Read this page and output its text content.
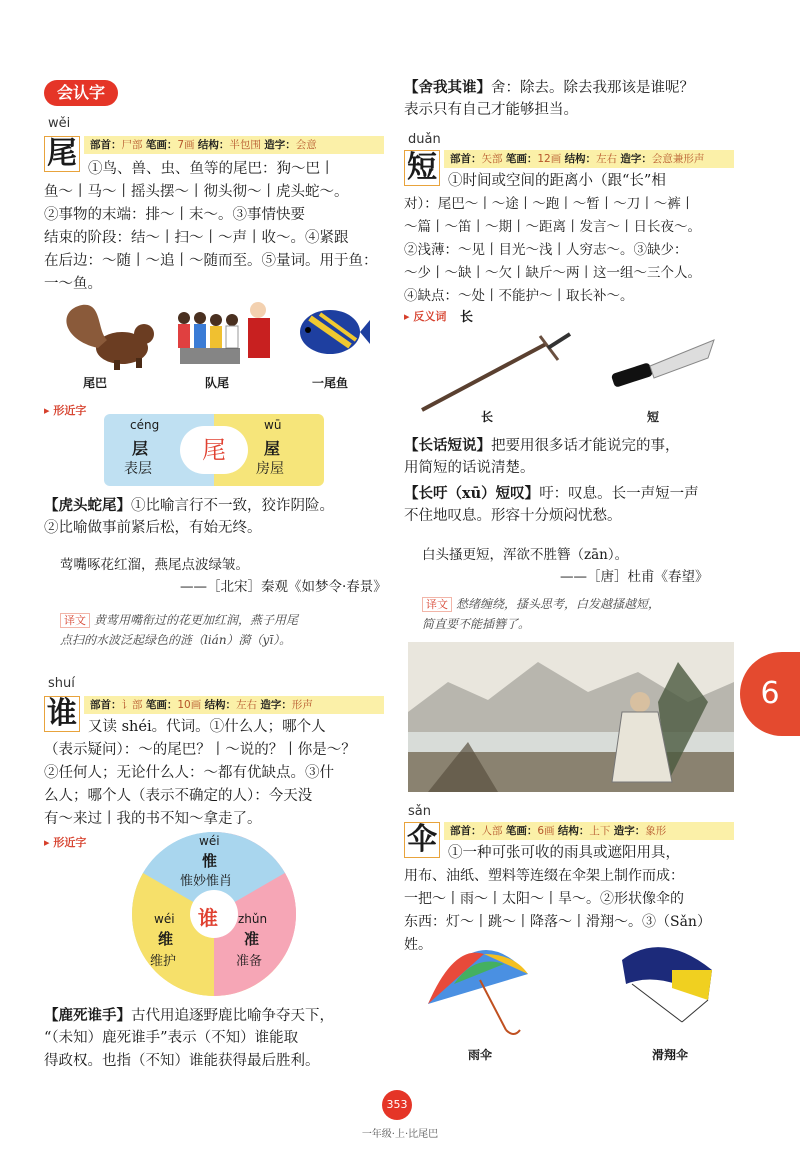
会认字
wěi
尾	部首：尸部 笔画：7画 结构：半包围 造字：会意
①鸟、兽、虫、鱼等的尾巴：狗～巴丨
鱼～丨马～丨摇头摆～丨彻头彻～丨虎头蛇～。
②事物的末端：排～丨末～。③事情快要
结束的阶段：结～丨扫～丨～声丨收～。④紧跟
在后边：～随丨～追丨～随而至。⑤量词。用于鱼：
一～鱼。
尾巴	队尾	一尾鱼
▸ 形近字
尾
céng
层
表层
wū
屋
房屋
【虎头蛇尾】①比喻言行不一致，狡诈阴险。
②比喻做事前紧后松，有始无终。
莺嘴啄花红溜，燕尾点波绿皱。
——［北宋］秦观《如梦令·春景》
译文 黄莺用嘴衔过的花更加红润，燕子用尾
点扫的水波泛起绿色的涟（lián）漪（yī）。
shuí
谁	部首：讠部 笔画：10画 结构：左右 造字：形声
又读 shéi。代词。①什么人；哪个人
（表示疑问）：～的尾巴？丨～说的？丨你是～？
②任何人；无论什么人：～都有优缺点。③什
么人；哪个人（表示不确定的人）：今天没
有～来过丨我的书不知～拿走了。
▸ 形近字	wéi
惟
惟妙惟肖
wéi
维
维护
zhǔn
准
准备
谁
【鹿死谁手】古代用追逐野鹿比喻争夺天下，
“（未知）鹿死谁手”表示（不知）谁能取
得政权。也指（不知）谁能获得最后胜利。
【舍我其谁】舍：除去。除去我那该是谁呢？
表示只有自己才能够担当。
duǎn
短	部首：矢部 笔画：12画 结构：左右 造字：会意兼形声
①时间或空间的距离小（跟“长”相
对）：尾巴～丨～途丨～跑丨～暂丨～刀丨～裤丨
～篇丨～笛丨～期丨～距离丨发言～丨日长夜～。
②浅薄：～见丨目光～浅丨人穷志～。③缺少：
～少丨～缺丨～欠丨缺斤～两丨这一组～三个人。
④缺点：～处丨不能护～丨取长补～。
▸ 反义词 长
长	短
【长话短说】把要用很多话才能说完的事，
用简短的话说清楚。
【长吁（xū）短叹】吁：叹息。长一声短一声
不住地叹息。形容十分烦闷忧愁。
白头搔更短，浑欲不胜簪（zān）。
——［唐］杜甫《春望》
译文 愁绪缠绕，搔头思考，白发越搔越短，
简直要不能插簪了。
6
sǎn
伞	部首：人部 笔画：6画 结构：上下 造字：象形
①一种可张可收的雨具或遮阳用具，
用布、油纸、塑料等连缀在伞架上制作而成：
一把～丨雨～丨太阳～丨旱～。②形状像伞的
东西：灯～丨跳～丨降落～丨滑翔～。③（Sǎn）姓。
雨伞	滑翔伞
353
一年级·上·比尾巴
